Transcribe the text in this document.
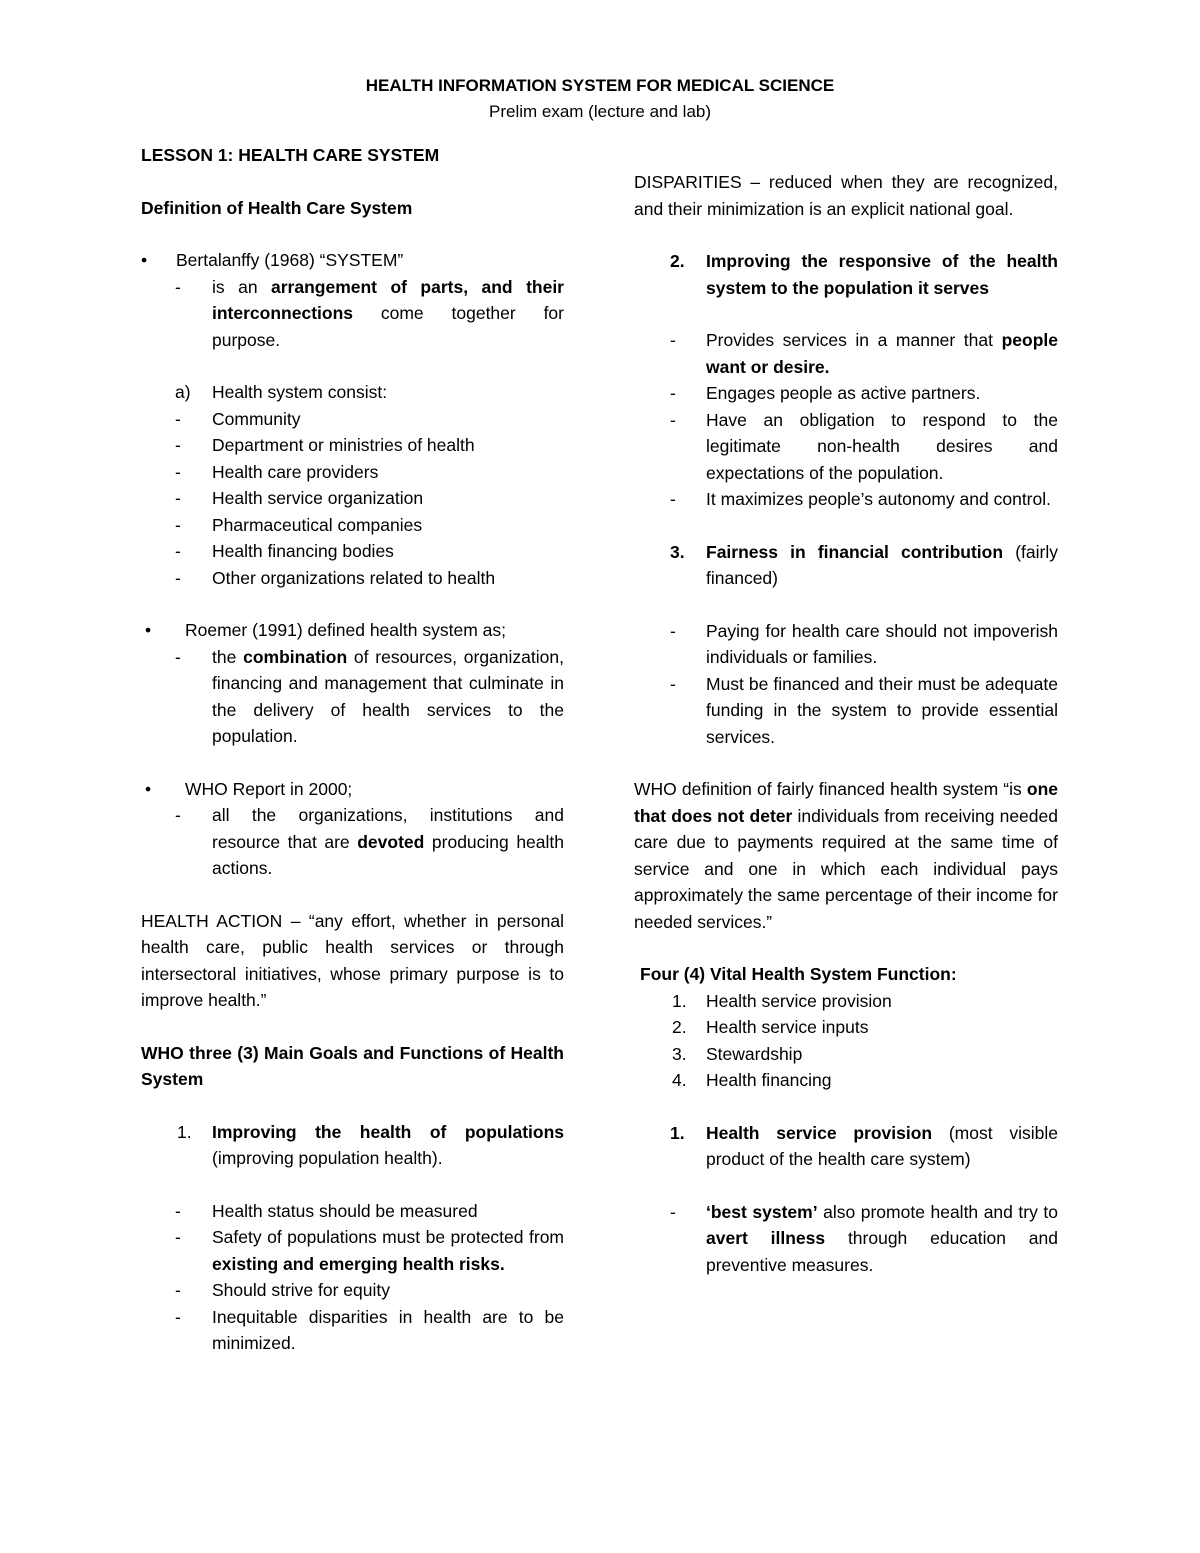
HEALTH INFORMATION SYSTEM FOR MEDICAL SCIENCE

Prelim exam (lecture and lab)

LESSON 1: HEALTH CARE SYSTEM

Definition of Health Care System

• Bertalanffy (1968) “SYSTEM”
- is an arrangement of parts, and their interconnections come together for purpose.
a) Health system consist:
- Community
- Department or ministries of health
- Health care providers
- Health service organization
- Pharmaceutical companies
- Health financing bodies
- Other organizations related to health
• Roemer (1991) defined health system as;
- the combination of resources, organization, financing and management that culminate in the delivery of health services to the population.
• WHO Report in 2000;
- all the organizations, institutions and resource that are devoted producing health actions.

HEALTH ACTION – “any effort, whether in personal health care, public health services or through intersectoral initiatives, whose primary purpose is to improve health.”

WHO three (3) Main Goals and Functions of Health System

1. Improving the health of populations (improving population health).
- Health status should be measured
- Safety of populations must be protected from existing and emerging health risks.
- Should strive for equity
- Inequitable disparities in health are to be minimized.

DISPARITIES – reduced when they are recognized, and their minimization is an explicit national goal.

2. Improving the responsive of the health system to the population it serves
- Provides services in a manner that people want or desire.
- Engages people as active partners.
- Have an obligation to respond to the legitimate non-health desires and expectations of the population.
- It maximizes people’s autonomy and control.
3. Fairness in financial contribution (fairly financed)
- Paying for health care should not impoverish individuals or families.
- Must be financed and their must be adequate funding in the system to provide essential services.

WHO definition of fairly financed health system “is one that does not deter individuals from receiving needed care due to payments required at the same time of service and one in which each individual pays approximately the same percentage of their income for needed services.”

Four (4) Vital Health System Function:

1. Health service provision
2. Health service inputs
3. Stewardship
4. Health financing
1. Health service provision (most visible product of the health care system)
- ‘best system’ also promote health and try to avert illness through education and preventive measures.
